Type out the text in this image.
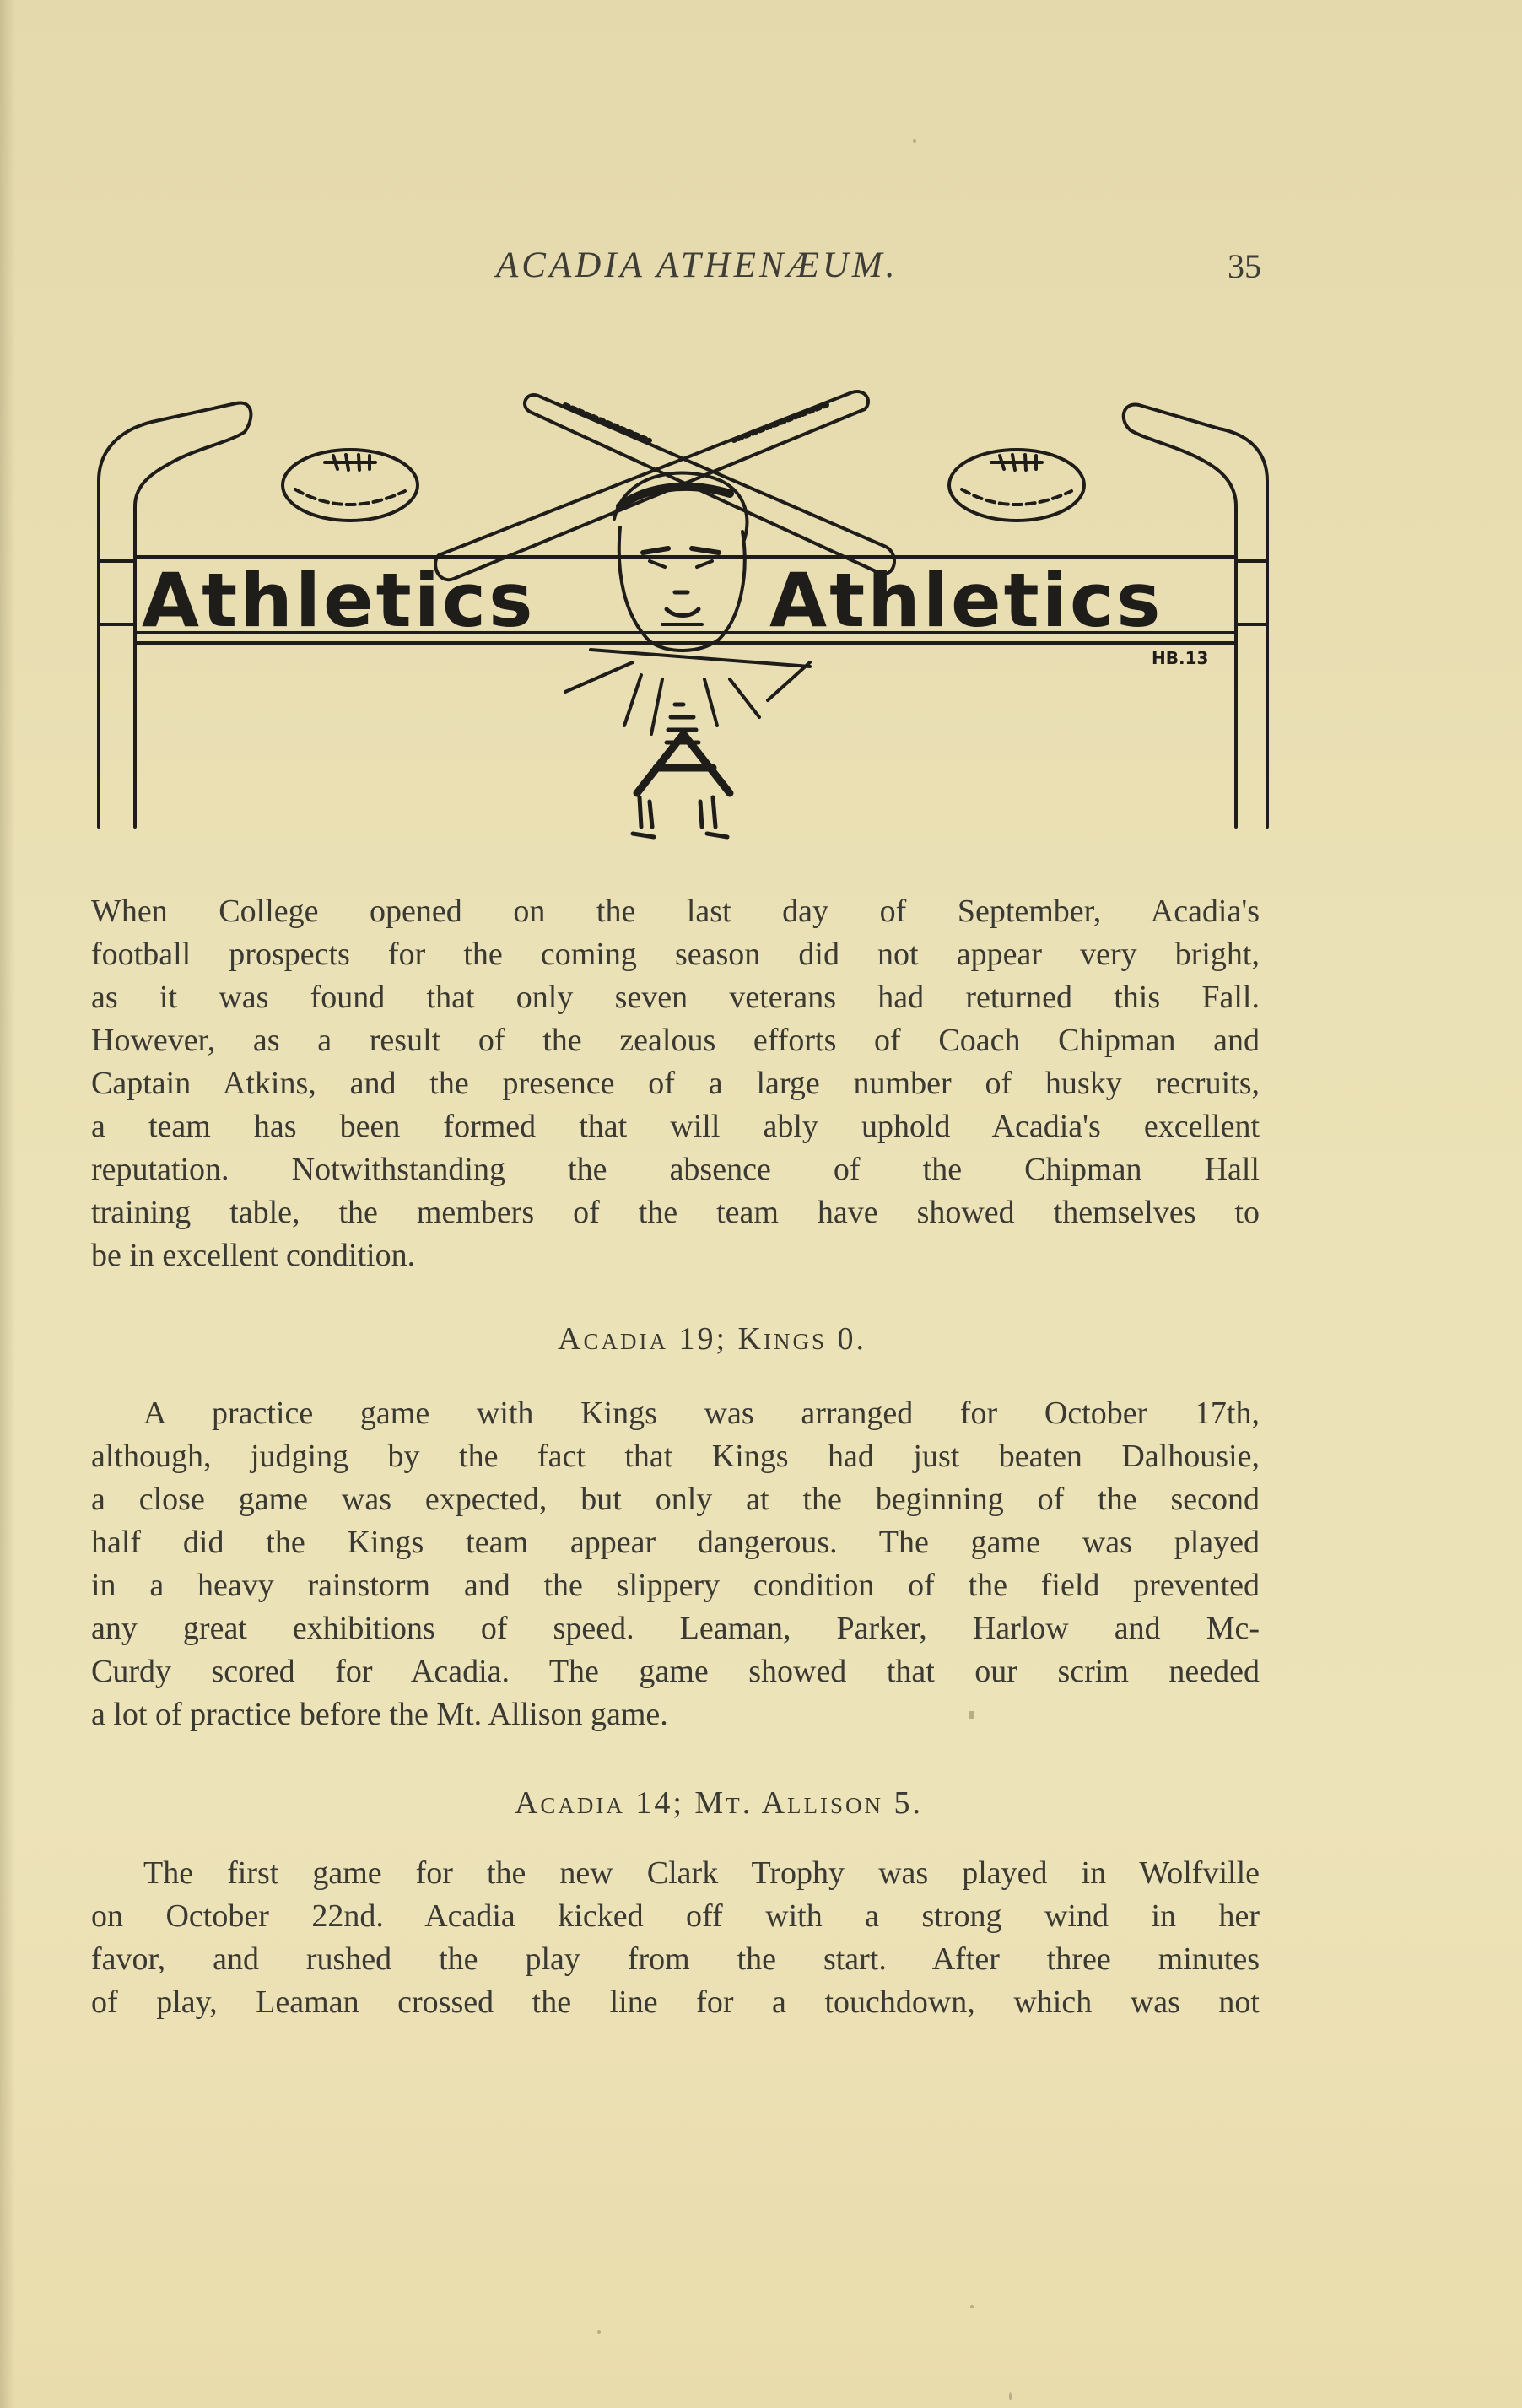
ACADIA ATHENÆUM.	35
Athletics	Athletics
HB.13
When College opened on the last day of September, Acadia's
football prospects for the coming season did not appear very bright,
as it was found that only seven veterans had returned this Fall.
However, as a result of the zealous efforts of Coach Chipman and
Captain Atkins, and the presence of a large number of husky recruits,
a team has been formed that will ably uphold Acadia's excellent
reputation. Notwithstanding the absence of the Chipman Hall
training table, the members of the team have showed themselves to
be in excellent condition.
Acadia 19; Kings 0.
A practice game with Kings was arranged for October 17th,
although, judging by the fact that Kings had just beaten Dalhousie,
a close game was expected, but only at the beginning of the second
half did the Kings team appear dangerous. The game was played
in a heavy rainstorm and the slippery condition of the field prevented
any great exhibitions of speed. Leaman, Parker, Harlow and Mc-
Curdy scored for Acadia. The game showed that our scrim needed
a lot of practice before the Mt. Allison game.
Acadia 14; Mt. Allison 5.
The first game for the new Clark Trophy was played in Wolfville
on October 22nd. Acadia kicked off with a strong wind in her
favor, and rushed the play from the start. After three minutes
of play, Leaman crossed the line for a touchdown, which was not
